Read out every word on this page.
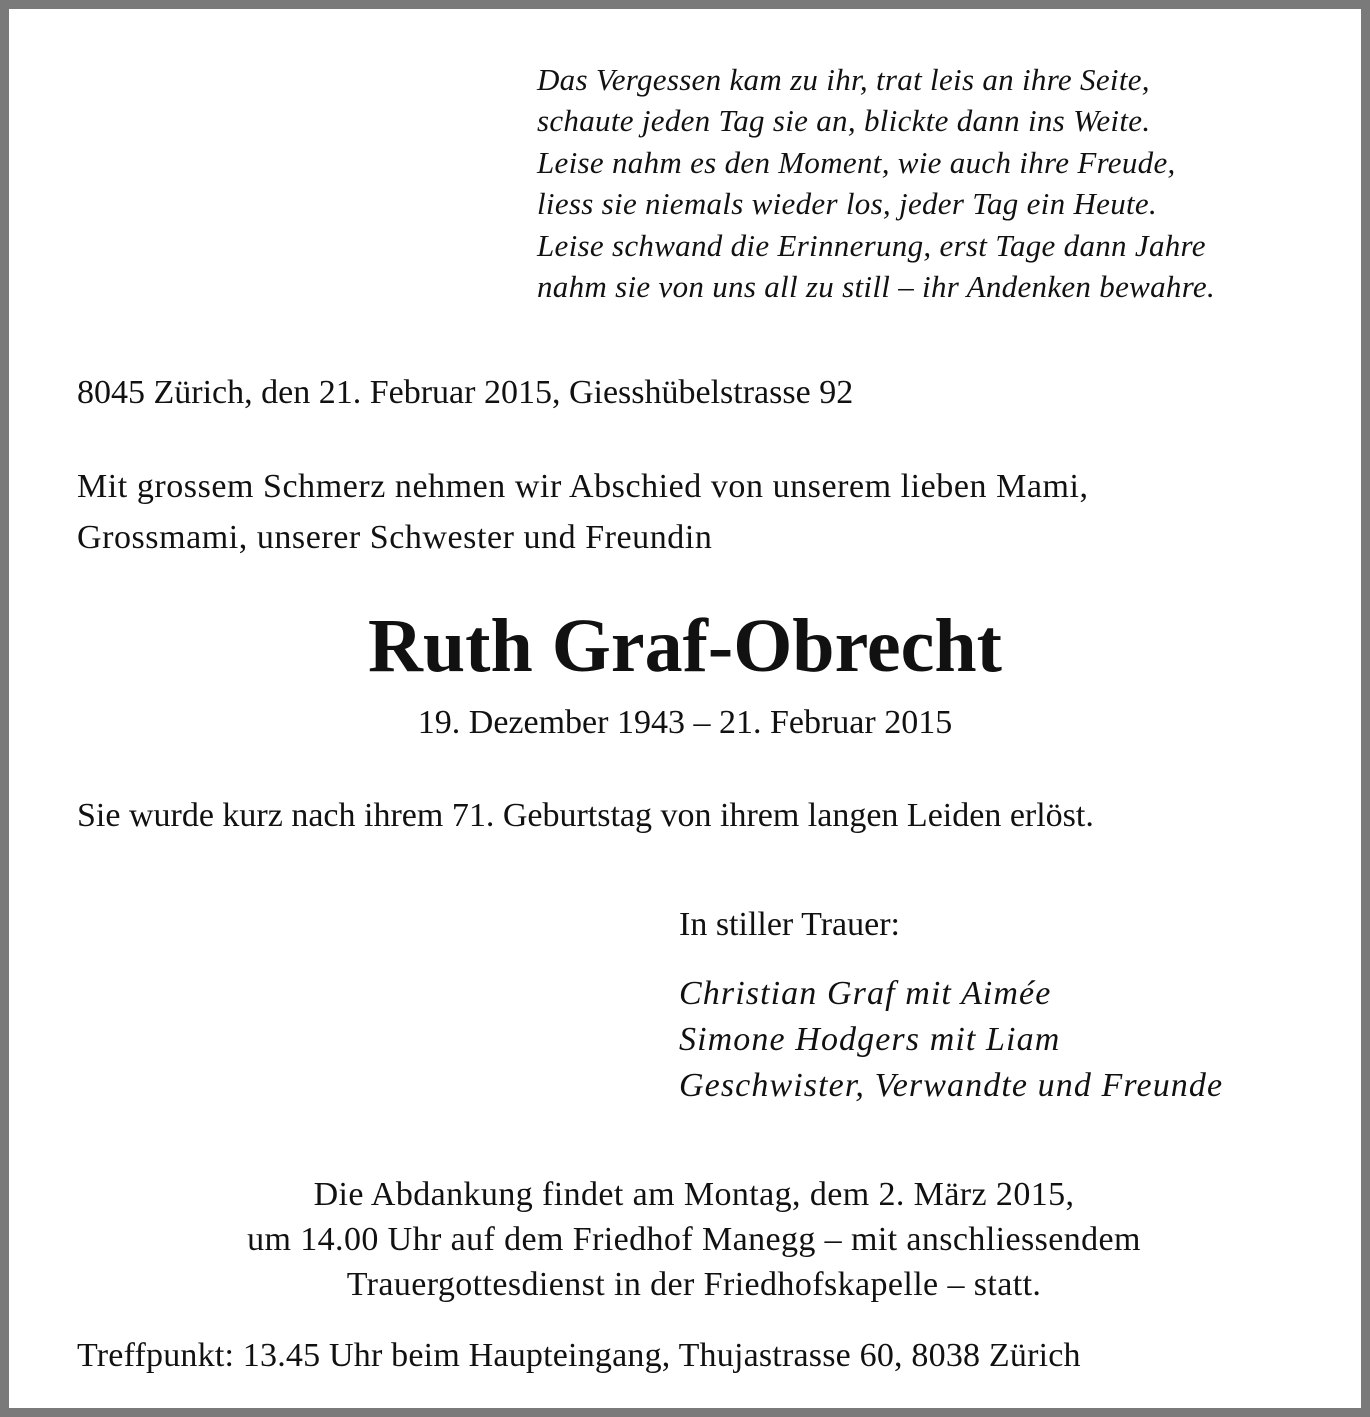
Das Vergessen kam zu ihr, trat leis an ihre Seite,
schaute jeden Tag sie an, blickte dann ins Weite.
Leise nahm es den Moment, wie auch ihre Freude,
liess sie niemals wieder los, jeder Tag ein Heute.
Leise schwand die Erinnerung, erst Tage dann Jahre
nahm sie von uns all zu still – ihr Andenken bewahre.
8045 Zürich, den 21. Februar 2015, Giesshübelstrasse 92
Mit grossem Schmerz nehmen wir Abschied von unserem lieben Mami,
Grossmami, unserer Schwester und Freundin
Ruth Graf-Obrecht
19. Dezember 1943 – 21. Februar 2015
Sie wurde kurz nach ihrem 71. Geburtstag von ihrem langen Leiden erlöst.
In stiller Trauer:
Christian Graf mit Aimée
Simone Hodgers mit Liam
Geschwister, Verwandte und Freunde
Die Abdankung findet am Montag, dem 2. März 2015,
um 14.00 Uhr auf dem Friedhof Manegg – mit anschliessendem
Trauergottesdienst in der Friedhofskapelle – statt.
Treffpunkt: 13.45 Uhr beim Haupteingang, Thujastrasse 60, 8038 Zürich
